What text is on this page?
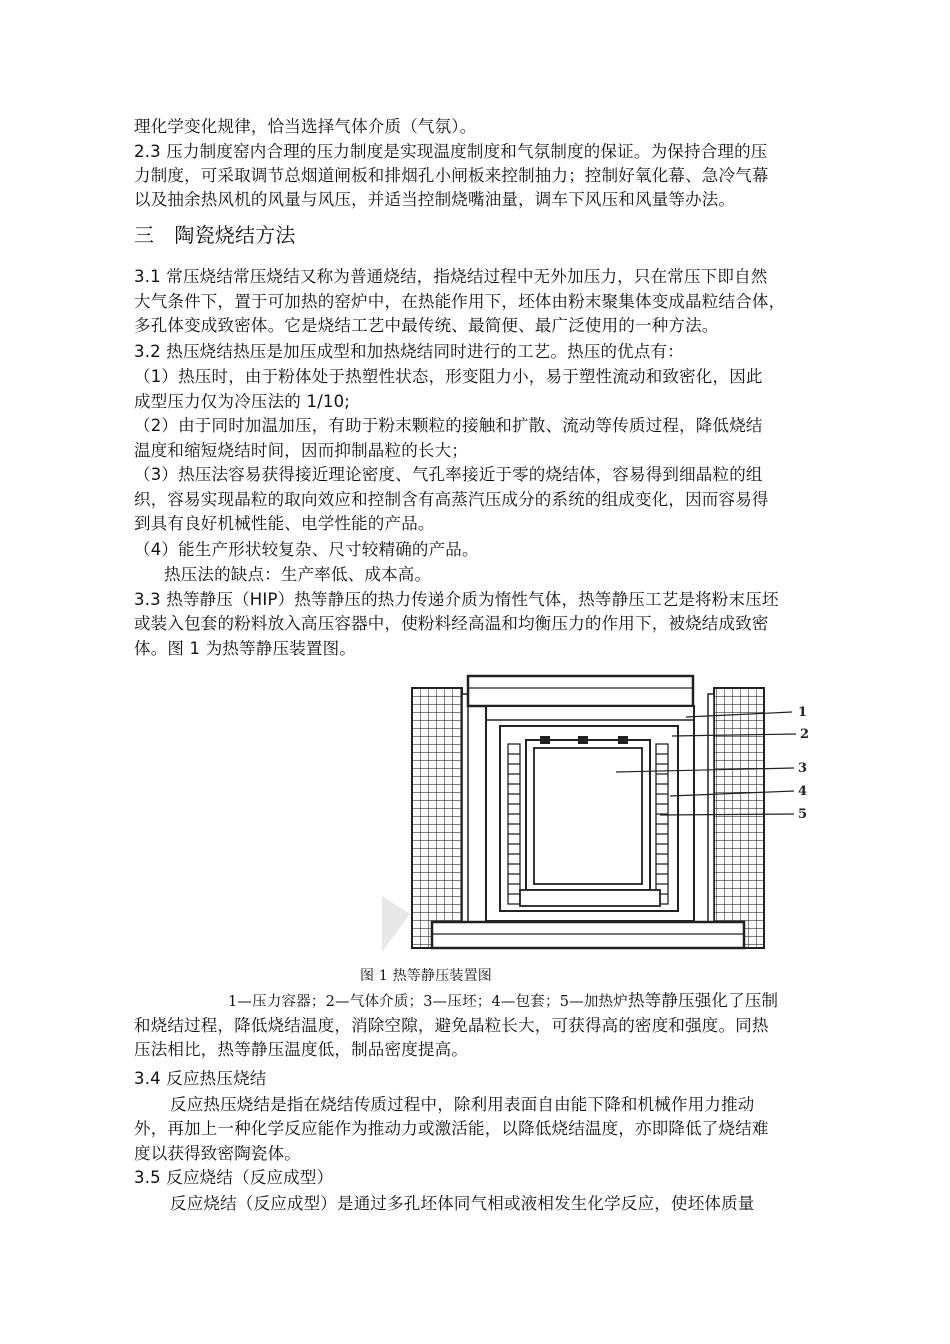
理化学变化规律，恰当选择气体介质（气氛）。
2.3 压力制度窑内合理的压力制度是实现温度制度和气氛制度的保证。为保持合理的压
力制度，可采取调节总烟道闸板和排烟孔小闸板来控制抽力；控制好氧化幕、急冷气幕
以及抽余热风机的风量与风压，并适当控制烧嘴油量，调车下风压和风量等办法。
三　陶瓷烧结方法
3.1 常压烧结常压烧结又称为普通烧结，指烧结过程中无外加压力，只在常压下即自然
大气条件下，置于可加热的窑炉中，在热能作用下，坯体由粉末聚集体变成晶粒结合体，
多孔体变成致密体。它是烧结工艺中最传统、最简便、最广泛使用的一种方法。
3.2 热压烧结热压是加压成型和加热烧结同时进行的工艺。热压的优点有：
（1）热压时，由于粉体处于热塑性状态，形变阻力小，易于塑性流动和致密化，因此
成型压力仅为冷压法的 1/10;
（2）由于同时加温加压，有助于粉末颗粒的接触和扩散、流动等传质过程，降低烧结
温度和缩短烧结时间，因而抑制晶粒的长大；
（3）热压法容易获得接近理论密度、气孔率接近于零的烧结体，容易得到细晶粒的组
织，容易实现晶粒的取向效应和控制含有高蒸汽压成分的系统的组成变化，因而容易得
到具有良好机械性能、电学性能的产品。
（4）能生产形状较复杂、尺寸较精确的产品。
热压法的缺点：生产率低、成本高。
3.3 热等静压（HIP）热等静压的热力传递介质为惰性气体，热等静压工艺是将粉末压坯
或装入包套的粉料放入高压容器中，使粉料经高温和均衡压力的作用下，被烧结成致密
体。图 1 为热等静压装置图。
1
2
3
4
5
图 1 热等静压装置图
1—压力容器；2—气体介质；3—压坯；4—包套；5—加热炉热等静压强化了压制
和烧结过程，降低烧结温度，消除空隙，避免晶粒长大，可获得高的密度和强度。同热
压法相比，热等静压温度低，制品密度提高。
3.4 反应热压烧结
反应热压烧结是指在烧结传质过程中，除利用表面自由能下降和机械作用力推动
外，再加上一种化学反应能作为推动力或激活能，以降低烧结温度，亦即降低了烧结难
度以获得致密陶瓷体。
3.5 反应烧结（反应成型）
反应烧结（反应成型）是通过多孔坯体同气相或液相发生化学反应，使坯体质量
